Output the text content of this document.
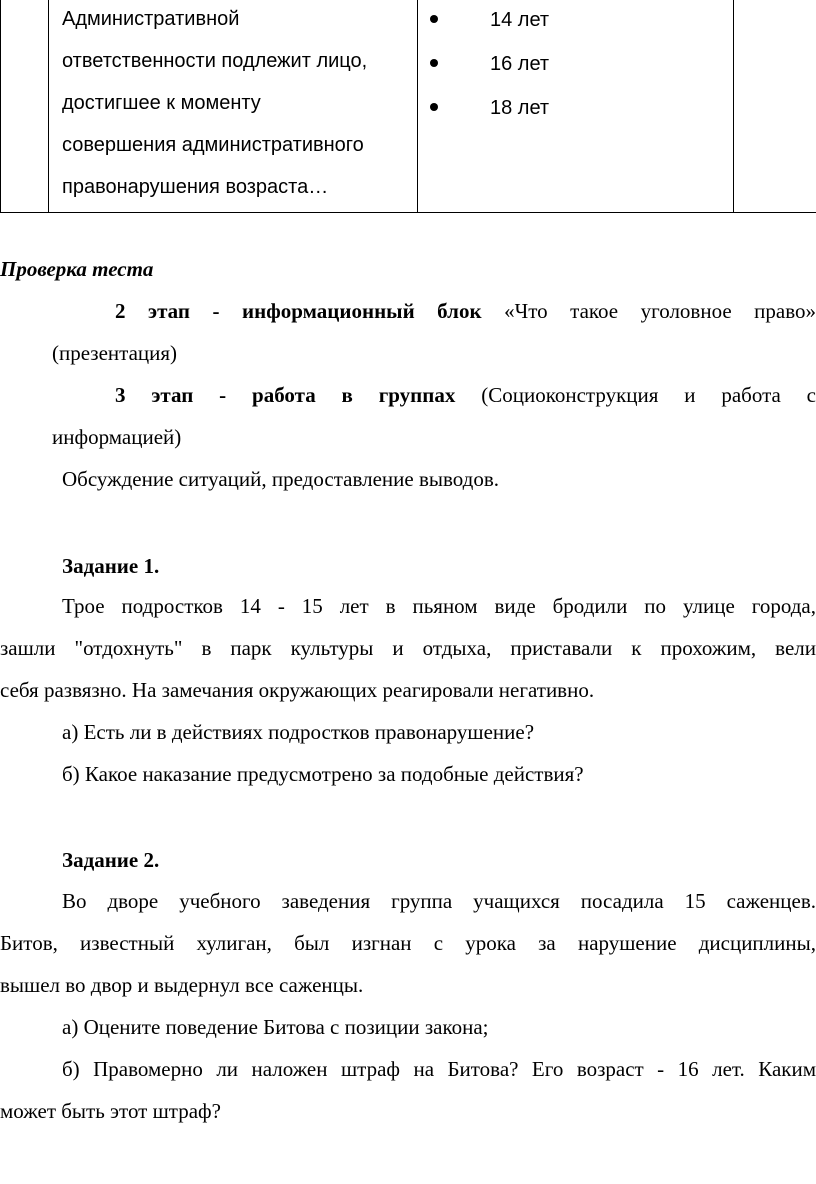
Административной
ответственности подлежит лицо,
достигшее к моменту
совершения административного
правонарушения возраста…
14 лет
16 лет
18 лет
Проверка теста
2 этап - информационный блок «Что такое уголовное право»
(презентация)
3 этап - работа в группах (Социоконструкция и работа с
информацией)
Обсуждение ситуаций, предоставление выводов.
Задание 1.
Трое подростков 14 - 15 лет в пьяном виде бродили по улице города,
зашли "отдохнуть" в парк культуры и отдыха, приставали к прохожим, вели
себя развязно. На замечания окружающих реагировали негативно.
а) Есть ли в действиях подростков правонарушение?
б) Какое наказание предусмотрено за подобные действия?
Задание 2.
Во дворе учебного заведения группа учащихся посадила 15 саженцев.
Битов, известный хулиган, был изгнан с урока за нарушение дисциплины,
вышел во двор и выдернул все саженцы.
а) Оцените поведение Битова с позиции закона;
б) Правомерно ли наложен штраф на Битова? Его возраст - 16 лет. Каким
может быть этот штраф?
